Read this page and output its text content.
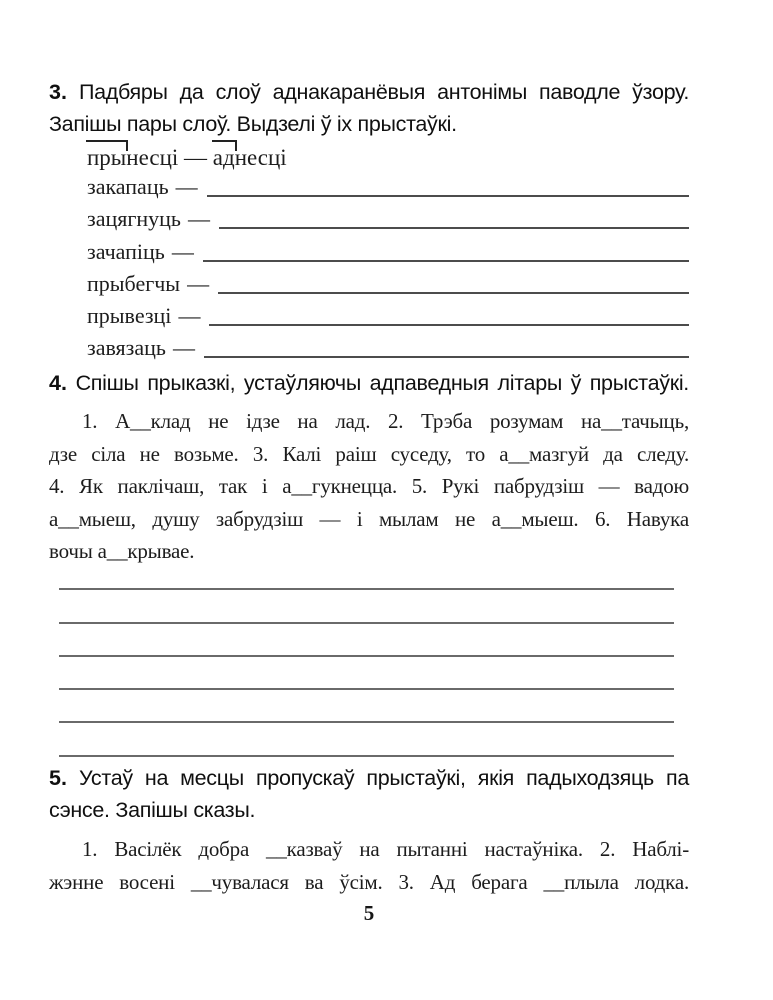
3. Падбяры да слоў аднакаранёвыя антонімы паводле ўзору.
Запішы пары слоў. Выдзелі ў іх прыстаўкі.
прынесці — аднесці
закапаць —
зацягнуць —
зачапіць —
прыбегчы —
прывезці —
завязаць —
4. Спішы прыказкі, устаўляючы адпаведныя літары ў прыстаўкі.
1. А__клад не ідзе на лад. 2. Трэба розумам на__тачыць,
дзе сіла не возьме. 3. Калі раіш суседу, то а__мазгуй да следу.
4. Як паклічаш, так і а__гукнецца. 5. Рукі пабрудзіш — вадою
а__мыеш, душу забрудзіш — і мылам не а__мыеш. 6. Навука
вочы а__крывае.
5. Устаў на месцы пропускаў прыстаўкі, якія падыходзяць па
сэнсе. Запішы сказы.
1. Васілёк добра __казваў на пытанні настаўніка. 2. Наблі-
жэнне восені __чувалася ва ўсім. 3. Ад берага __плыла лодка.
5
